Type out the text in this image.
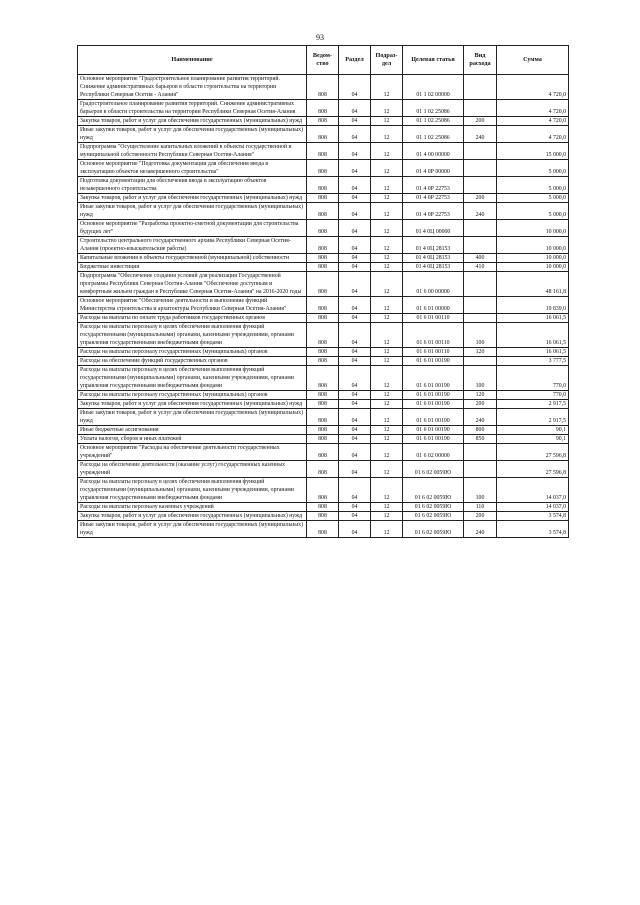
93
Наименование	Ведом-ство	Раздел	Подраз-дел	Целевая статья	Вид расхода	Сумма
Основное мероприятие "Градостроительное планирование развития территорий. Снижение административных барьеров в области строительства на территории Республики Северная Осетия - Алания"	808	04	12	01 1 02 00000		4 720,0
Градостроительное планирование развития территорий. Снижение административных барьеров в области строительства на территории Республики Северная Осетия-Алания	808	04	12	01 1 02 25086		4 720,0
Закупка товаров, работ и услуг для обеспечения государственных (муниципальных) нужд	808	04	12	01 1 02 25086	200	4 720,0
Иные закупки товаров, работ и услуг для обеспечения государственных (муниципальных) нужд	808	04	12	01 1 02 25086	240	4 720,0
Подпрограмма "Осуществление капитальных вложений в объекты государственной и муниципальной собственности Республики Северная Осетия-Алания"	808	04	12	01 4 00 00000		15 000,0
Основное мероприятие "Подготовка документации для обеспечения ввода в эксплуатацию объектов незавершенного строительства"	808	04	12	01 4 0Р 00000		5 000,0
Подготовка документации для обеспечения ввода в эксплуатацию объектов незавершенного строительства	808	04	12	01 4 0Р 22753		5 000,0
Закупка товаров, работ и услуг для обеспечения государственных (муниципальных) нужд	808	04	12	01 4 0Р 22753	200	5 000,0
Иные закупки товаров, работ и услуг для обеспечения государственных (муниципальных) нужд	808	04	12	01 4 0Р 22753	240	5 000,0
Основное мероприятие "Разработка проектно-сметной документации для строительства будущих лет"	808	04	12	01 4 0Ц 00000		10 000,0
Строительство центрального государственного архива Республики Северная Осетия-Алания (проектно-изыскательские работы)	808	04	12	01 4 0Ц 28153		10 000,0
Капитальные вложения в объекты государственной (муниципальной) собственности	808	04	12	01 4 0Ц 28153	400	10 000,0
Бюджетные инвестиции	808	04	12	01 4 0Ц 28153	410	10 000,0
Подпрограмма "Обеспечение создания условий для реализации Государственной программы Республики Северная Осетия-Алания "Обеспечение доступным и комфортным жильем граждан в Республике Северная Осетия-Алания" на 2016-2020 годы	808	04	12	01 6 00 00000		48 161,8
Основное мероприятие "Обеспечение деятельности и выполнение функций Министерства строительства и архитектуры Республики Северная Осетия-Алания"	808	04	12	01 6 01 00000		19 839,0
Расходы на выплаты по оплате труда работников государственных органов	808	04	12	01 6 01 00110		16 061,5
Расходы на выплаты персоналу в целях обеспечения выполнения функций государственными (муниципальными) органами, казенными учреждениями, органами управления государственными внебюджетными фондами	808	04	12	01 6 01 00110	100	16 061,5
Расходы на выплаты персоналу государственных (муниципальных) органов	808	04	12	01 6 01 00110	120	16 061,5
Расходы на обеспечение функций государственных органов	808	04	12	01 6 01 00190		3 777,5
Расходы на выплаты персоналу в целях обеспечения выполнения функций государственными (муниципальными) органами, казенными учреждениями, органами управления государственными внебюджетными фондами	808	04	12	01 6 01 00190	100	770,0
Расходы на выплаты персоналу государственных (муниципальных) органов	808	04	12	01 6 01 00190	120	770,0
Закупка товаров, работ и услуг для обеспечения государственных (муниципальных) нужд	808	04	12	01 6 01 00190	200	2 917,5
Иные закупки товаров, работ и услуг для обеспечения государственных (муниципальных) нужд	808	04	12	01 6 01 00190	240	2 917,5
Иные бюджетные ассигнования	808	04	12	01 6 01 00190	800	90,1
Уплата налогов, сборов и иных платежей	808	04	12	01 6 01 00190	850	90,1
Основное мероприятие "Расходы на обеспечение деятельности государственных учреждений"	808	04	12	01 6 02 00000		27 596,8
Расходы на обеспечение деятельности (оказание услуг) государственных казенных учреждений	808	04	12	01 6 02 0059Ю		27 596,8
Расходы на выплаты персоналу в целях обеспечения выполнения функций государственными (муниципальными) органами, казенными учреждениями, органами управления государственными внебюджетными фондами	808	04	12	01 6 02 0059Ю	100	14 037,0
Расходы на выплаты персоналу казенных учреждений	808	04	12	01 6 02 0059Ю	110	14 037,0
Закупка товаров, работ и услуг для обеспечения государственных (муниципальных) нужд	808	04	12	01 6 02 0059Ю	200	3 574,8
Иные закупки товаров, работ и услуг для обеспечения государственных (муниципальных) нужд	808	04	12	01 6 02 0059Ю	240	3 574,8
